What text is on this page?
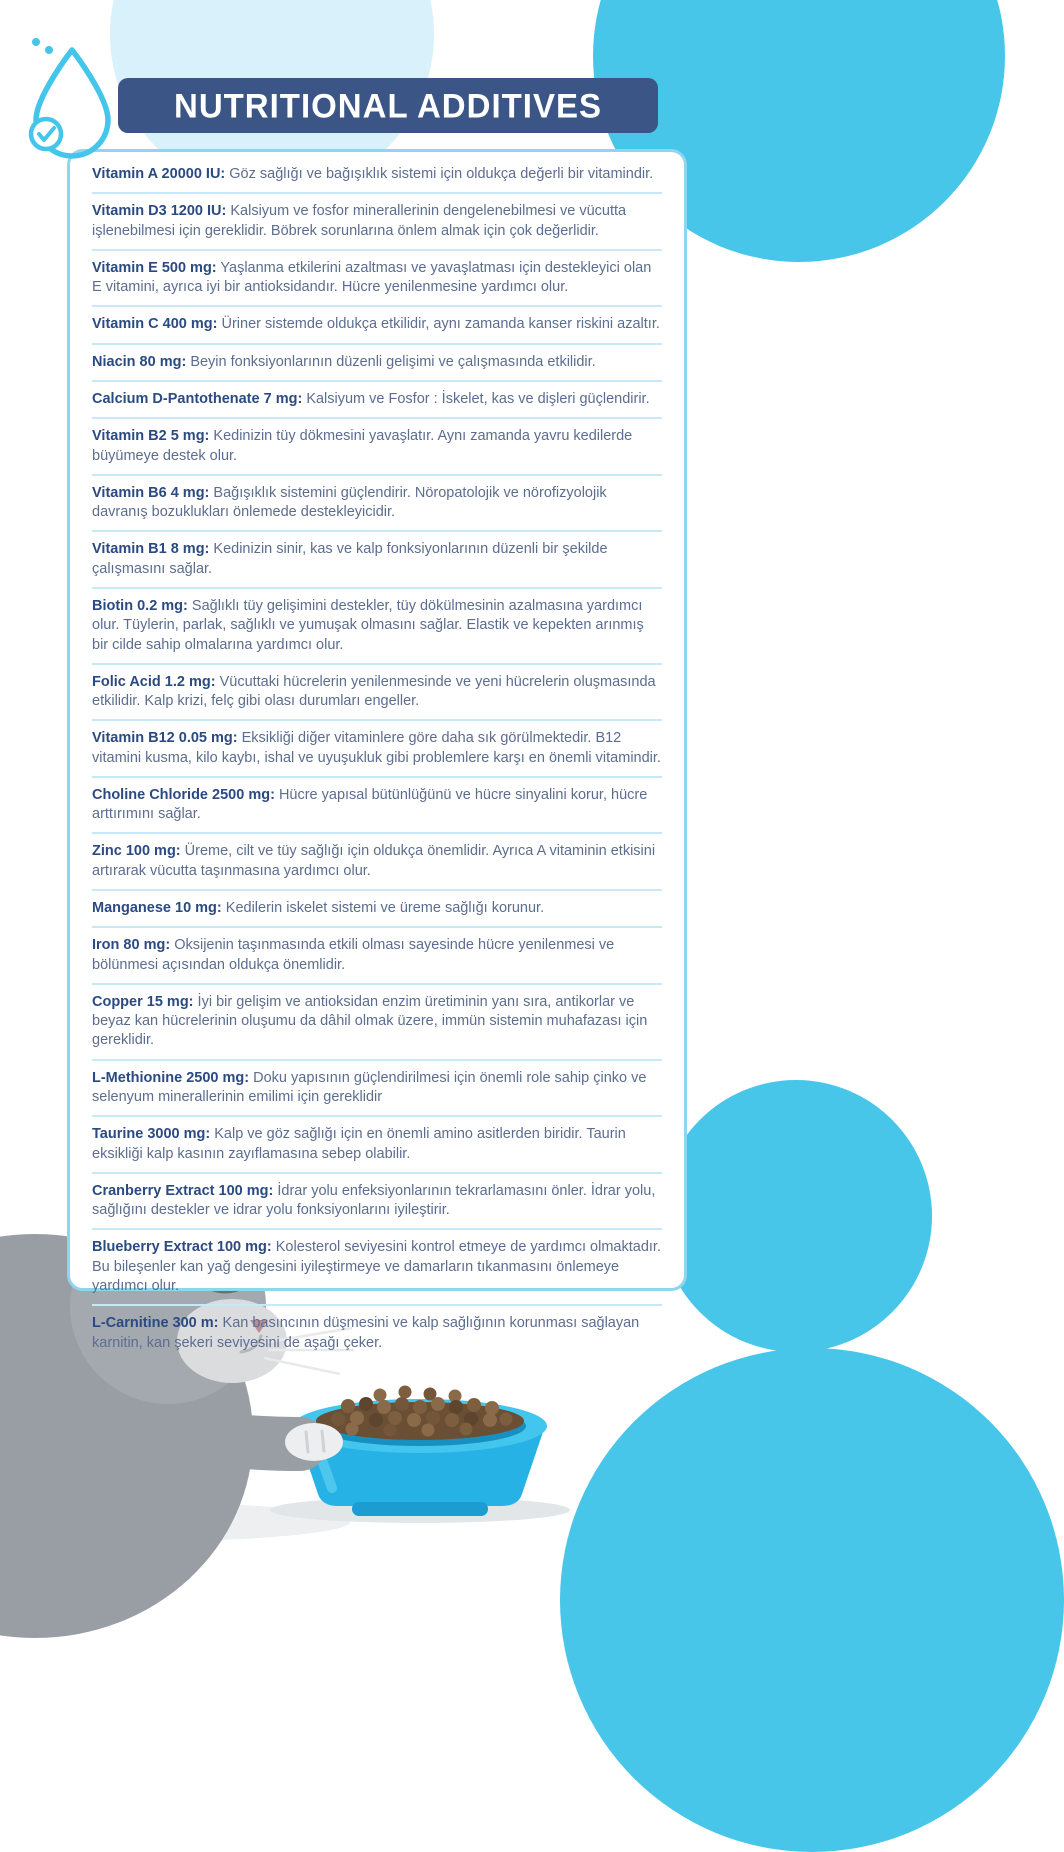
NUTRITIONAL ADDITIVES

Vitamin A 20000 IU: Göz sağlığı ve bağışıklık sistemi için oldukça değerli bir vitamindir.

Vitamin D3 1200 IU: Kalsiyum ve fosfor minerallerinin dengelenebilmesi ve vücutta işlenebilmesi için gereklidir. Böbrek sorunlarına önlem almak için çok değerlidir.

Vitamin E 500 mg: Yaşlanma etkilerini azaltması ve yavaşlatması için destekleyici olan E vitamini, ayrıca iyi bir antioksidandır. Hücre yenilenmesine yardımcı olur.

Vitamin C 400 mg: Üriner sistemde oldukça etkilidir, aynı zamanda kanser riskini azaltır.

Niacin 80 mg: Beyin fonksiyonlarının düzenli gelişimi ve çalışmasında etkilidir.

Calcium D-Pantothenate 7 mg: Kalsiyum ve Fosfor : İskelet, kas ve dişleri güçlendirir.

Vitamin B2 5 mg: Kedinizin tüy dökmesini yavaşlatır. Aynı zamanda yavru kedilerde büyümeye destek olur.

Vitamin B6 4 mg: Bağışıklık sistemini güçlendirir. Nöropatolojik ve nörofizyolojik davranış bozuklukları önlemede destekleyicidir.

Vitamin B1 8 mg: Kedinizin sinir, kas ve kalp fonksiyonlarının düzenli bir şekilde çalışmasını sağlar.

Biotin 0.2 mg: Sağlıklı tüy gelişimini destekler, tüy dökülmesinin azalmasına yardımcı olur. Tüylerin, parlak, sağlıklı ve yumuşak olmasını sağlar. Elastik ve kepekten arınmış bir cilde sahip olmalarına yardımcı olur.

Folic Acid 1.2 mg: Vücuttaki hücrelerin yenilenmesinde ve yeni hücrelerin oluşmasında etkilidir. Kalp krizi, felç gibi olası durumları engeller.

Vitamin B12 0.05 mg: Eksikliği diğer vitaminlere göre daha sık görülmektedir. B12 vitamini kusma, kilo kaybı, ishal ve uyuşukluk gibi problemlere karşı en önemli vitamindir.

Choline Chloride 2500 mg: Hücre yapısal bütünlüğünü ve hücre sinyalini korur, hücre arttırımını sağlar.

Zinc 100 mg: Üreme, cilt ve tüy sağlığı için oldukça önemlidir. Ayrıca A vitaminin etkisini artırarak vücutta taşınmasına yardımcı olur.

Manganese 10 mg: Kedilerin iskelet sistemi ve üreme sağlığı korunur.

Iron 80 mg: Oksijenin taşınmasında etkili olması sayesinde hücre yenilenmesi ve bölünmesi açısından oldukça önemlidir.

Copper 15 mg: İyi bir gelişim ve antioksidan enzim üretiminin yanı sıra, antikorlar ve beyaz kan hücrelerinin oluşumu da dâhil olmak üzere, immün sistemin muhafazası için gereklidir.

L-Methionine 2500 mg: Doku yapısının güçlendirilmesi için önemli role sahip çinko ve selenyum minerallerinin emilimi için gereklidir

Taurine 3000 mg: Kalp ve göz sağlığı için en önemli amino asitlerden biridir. Taurin eksikliği kalp kasının zayıflamasına sebep olabilir.

Cranberry Extract 100 mg: İdrar yolu enfeksiyonlarının tekrarlamasını önler. İdrar yolu, sağlığını destekler ve idrar yolu fonksiyonlarını iyileştirir.

Blueberry Extract 100 mg: Kolesterol seviyesini kontrol etmeye de yardımcı olmaktadır. Bu bileşenler kan yağ dengesini iyileştirmeye ve damarların tıkanmasını önlemeye yardımcı olur.

L-Carnitine 300 m: Kan basıncının düşmesini ve kalp sağlığının korunması sağlayan karnitin, kan şekeri seviyesini de aşağı çeker.
